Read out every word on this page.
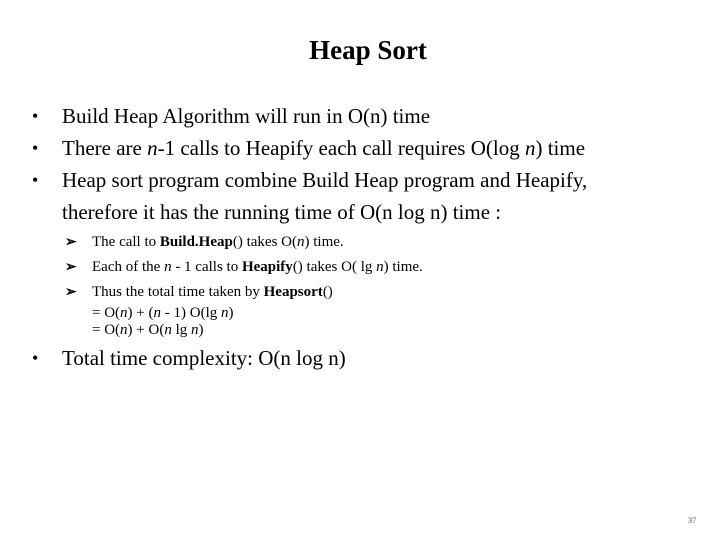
Heap Sort
•	Build Heap Algorithm will run in O(n) time
•	There are n-1 calls to Heapify each call requires O(log n) time
•	Heap sort program combine Build Heap program and Heapify,
therefore it has the running time of O(n log n) time :
➢	The call to Build.Heap() takes O(n) time.
➢	Each of the n - 1 calls to Heapify() takes O( lg n) time.
➢	Thus the total time taken by Heapsort()
= O(n) + (n - 1) O(lg n)
= O(n) + O(n lg n)
•	Total time complexity: O(n log n)
37
